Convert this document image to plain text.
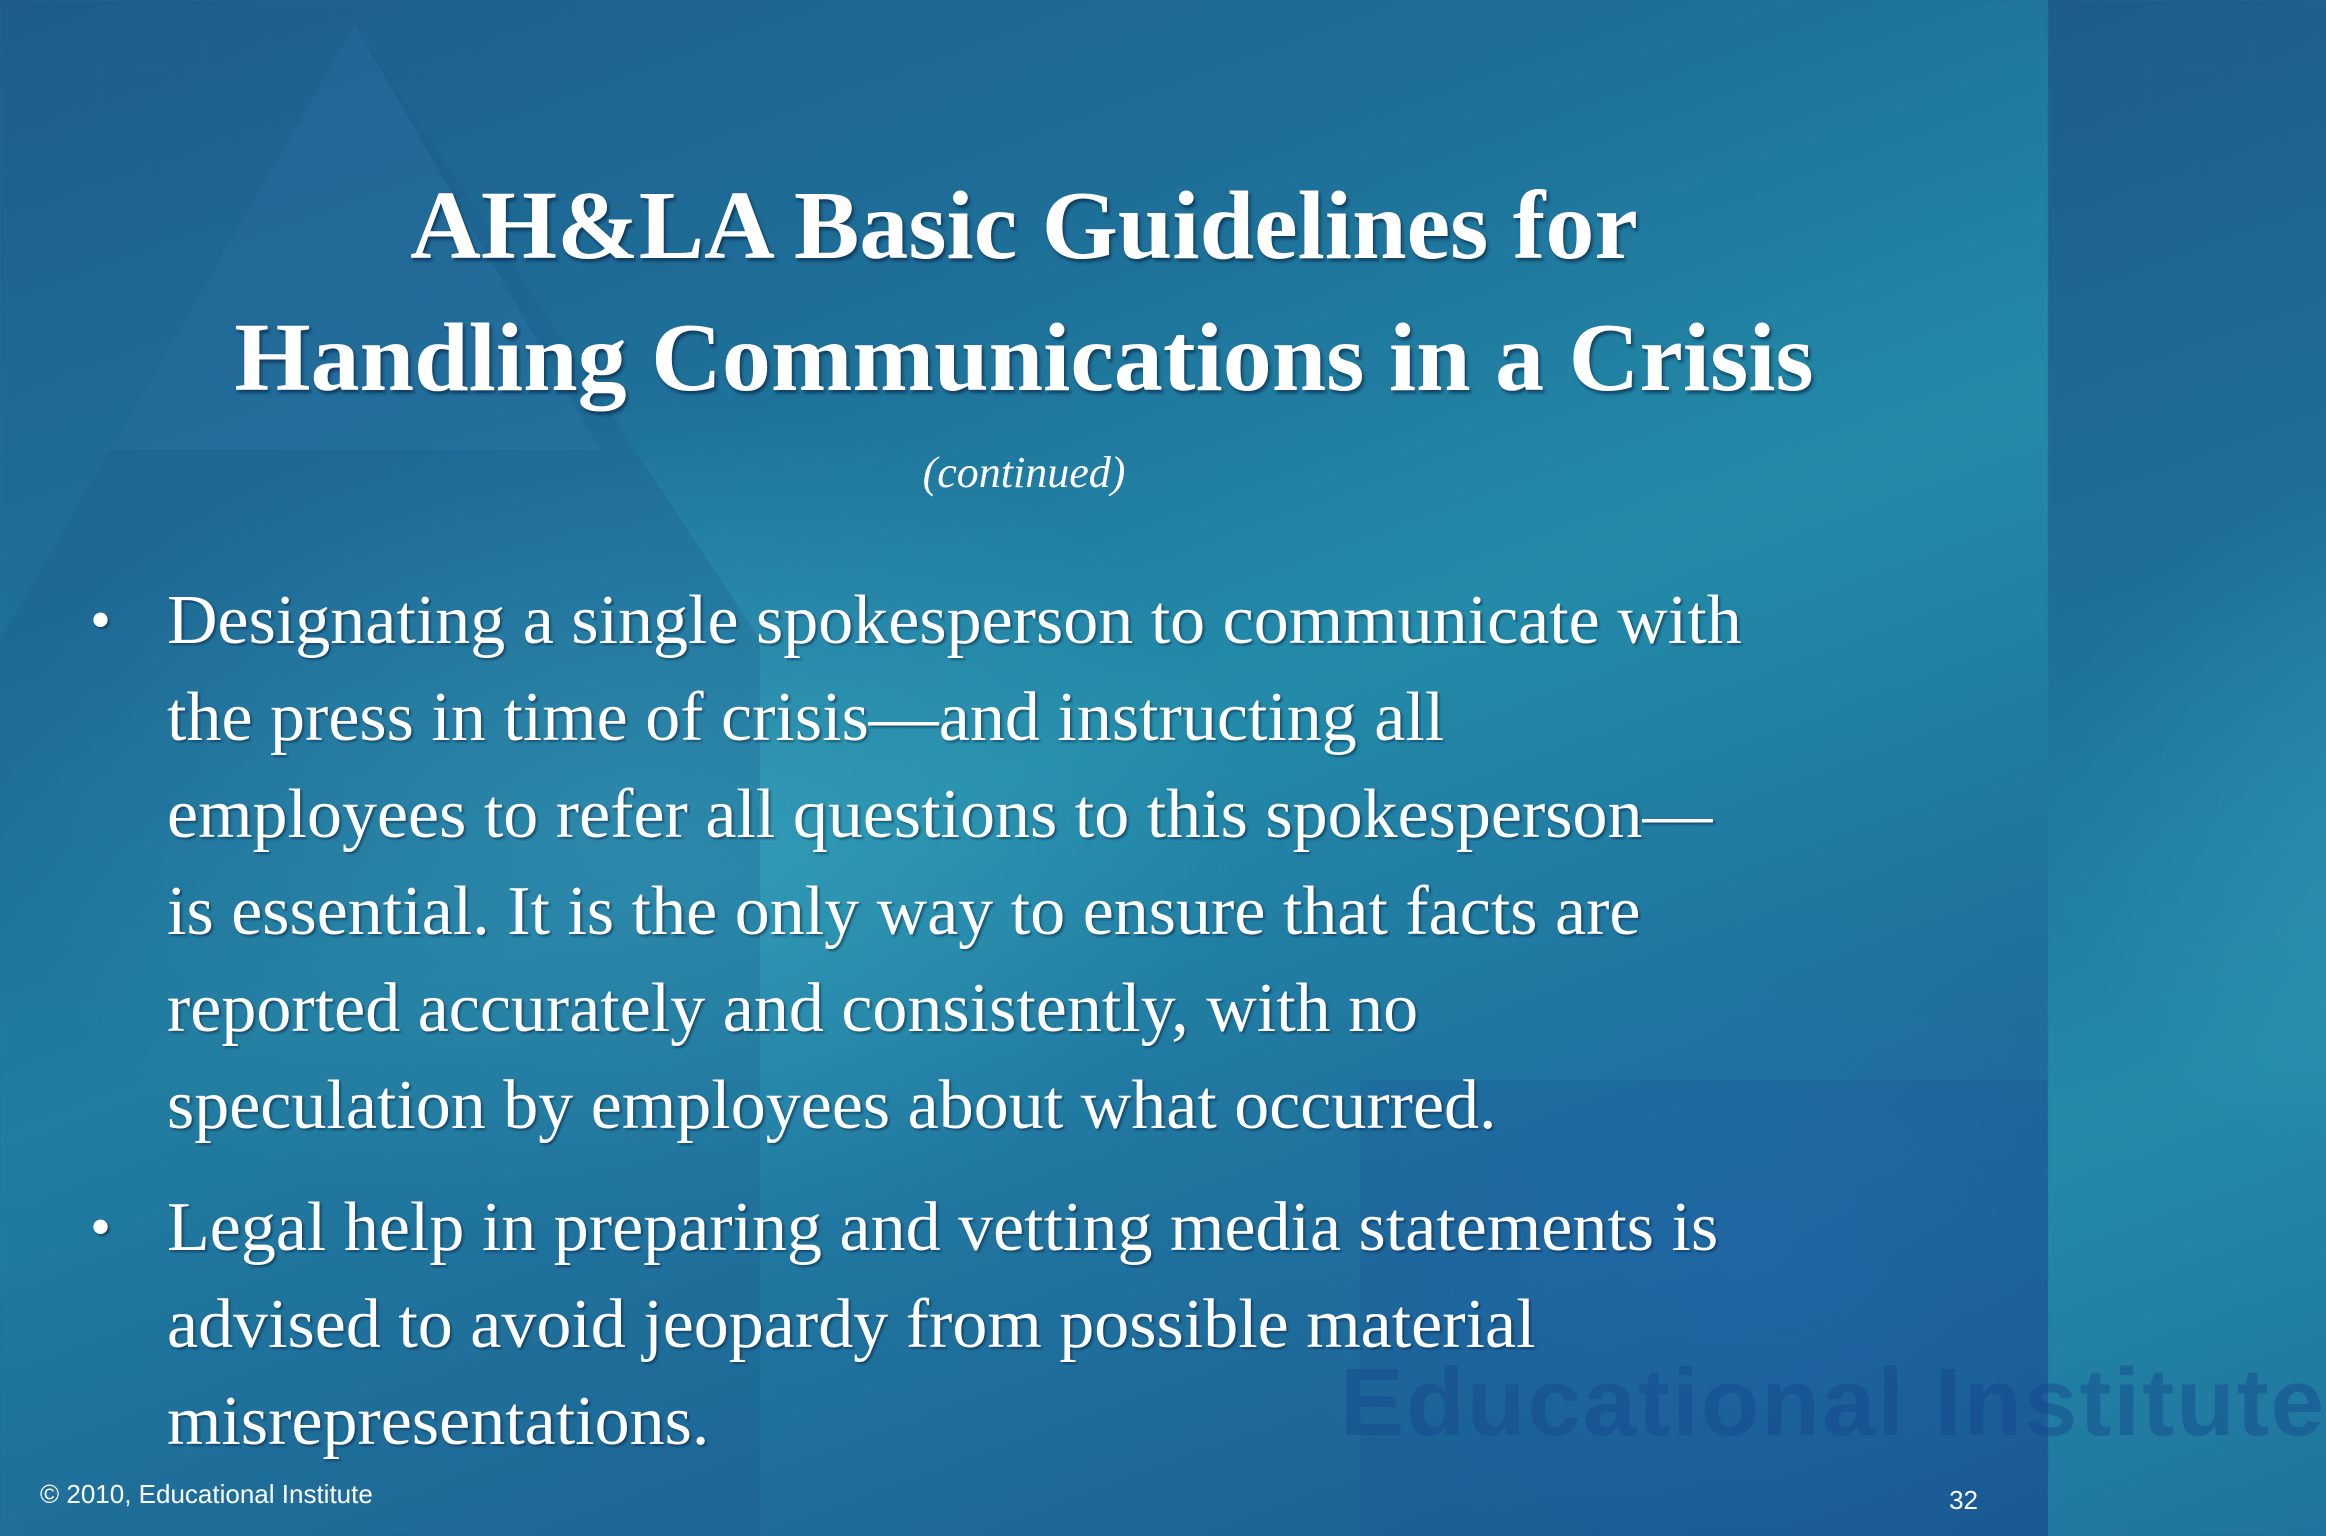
Educational Institute
AH&LA Basic Guidelines for
Handling Communications in a Crisis
(continued)
• Designating a single spokesperson to communicate with
the press in time of crisis—and instructing all
employees to refer all questions to this spokesperson—
is essential. It is the only way to ensure that facts are
reported accurately and consistently, with no
speculation by employees about what occurred.
• Legal help in preparing and vetting media statements is
advised to avoid jeopardy from possible material
misrepresentations.
© 2010, Educational Institute	32
